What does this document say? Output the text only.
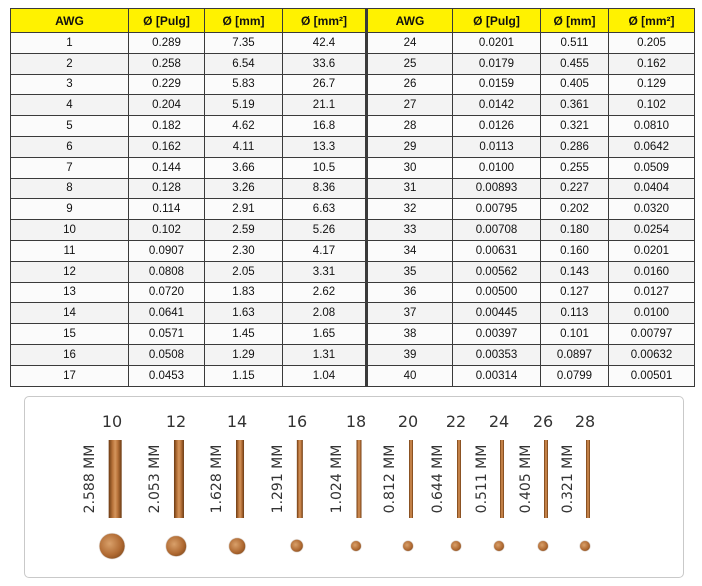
AWG	Ø [Pulg]	Ø [mm]	Ø [mm²]	AWG	Ø [Pulg]	Ø [mm]	Ø [mm²]
1	0.289	7.35	42.4	24	0.0201	0.511	0.205
2	0.258	6.54	33.6	25	0.0179	0.455	0.162
3	0.229	5.83	26.7	26	0.0159	0.405	0.129
4	0.204	5.19	21.1	27	0.0142	0.361	0.102
5	0.182	4.62	16.8	28	0.0126	0.321	0.0810
6	0.162	4.11	13.3	29	0.0113	0.286	0.0642
7	0.144	3.66	10.5	30	0.0100	0.255	0.0509
8	0.128	3.26	8.36	31	0.00893	0.227	0.0404
9	0.114	2.91	6.63	32	0.00795	0.202	0.0320
10	0.102	2.59	5.26	33	0.00708	0.180	0.0254
11	0.0907	2.30	4.17	34	0.00631	0.160	0.0201
12	0.0808	2.05	3.31	35	0.00562	0.143	0.0160
13	0.0720	1.83	2.62	36	0.00500	0.127	0.0127
14	0.0641	1.63	2.08	37	0.00445	0.113	0.0100
15	0.0571	1.45	1.65	38	0.00397	0.101	0.00797
16	0.0508	1.29	1.31	39	0.00353	0.0897	0.00632
17	0.0453	1.15	1.04	40	0.00314	0.0799	0.00501
10
2.588 MM
12
2.053 MM
14
1.628 MM
16
1.291 MM
18
1.024 MM
20
0.812 MM
22
0.644 MM
24
0.511 MM
26
0.405 MM
28
0.321 MM
